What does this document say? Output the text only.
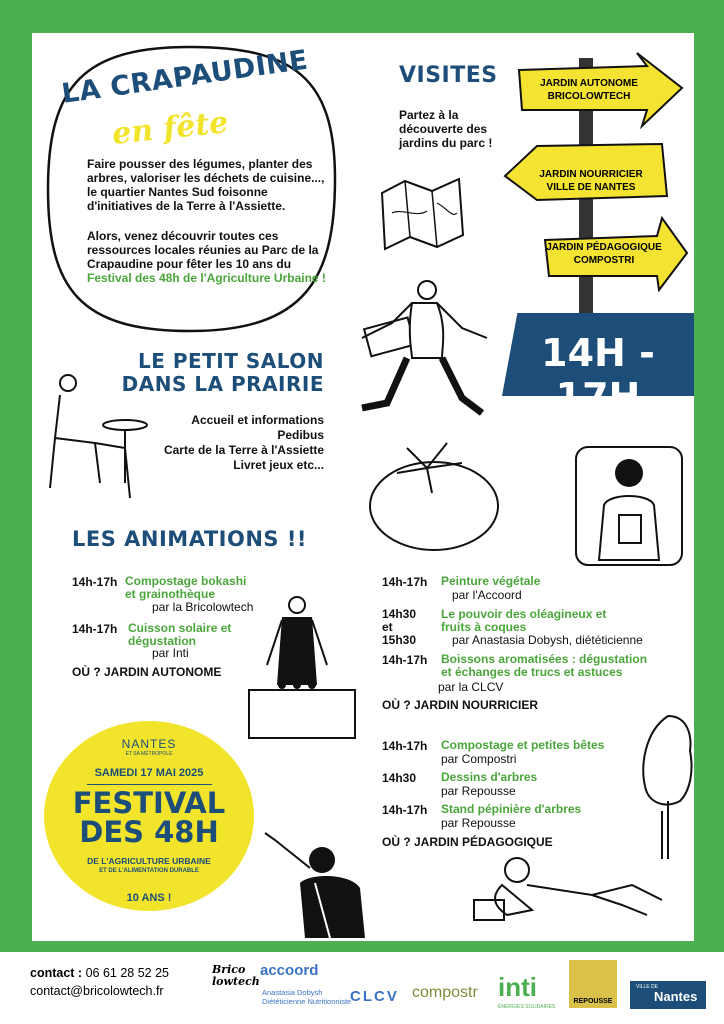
LA CRAPAUDINE
en fête
Faire pousser des légumes, planter des arbres, valoriser les déchets de cuisine..., le quartier Nantes Sud foisonne d'initiatives de la Terre à l'Assiette.
Alors, venez découvrir toutes ces ressources locales réunies au Parc de la Crapaudine pour fêter les 10 ans du Festival des 48h de l'Agriculture Urbaine !
VISITES
Partez à la découverte des jardins du parc !
JARDIN AUTONOME
BRICOLOWTECH
JARDIN NOURRICIER
VILLE DE NANTES
JARDIN PÉDAGOGIQUE
COMPOSTRI
14H - 17H
LE PETIT SALON
DANS LA PRAIRIE
Accueil et informations
Pedibus
Carte de la Terre à l'Assiette
Livret jeux etc...
LES ANIMATIONS !!
14h-17h Compostage bokashi
et grainothèque
par la Bricolowtech
14h-17h Cuisson solaire et
dégustation
par Inti
OÙ ? JARDIN AUTONOME
14h-17h Peinture végétale
par l'Accoord
14h30
et
15h30
Le pouvoir des oléagineux et
fruits à coques
par Anastasia Dobysh, diététicienne
14h-17h Boissons aromatisées : dégustation
et échanges de trucs et astuces
par la CLCV
OÙ ? JARDIN NOURRICIER
14h-17h Compostage et petites bêtes
par Compostri
14h30 Dessins d'arbres
par Repousse
14h-17h Stand pépinière d'arbres
par Repousse
OÙ ? JARDIN PÉDAGOGIQUE
NANTES
ET SA MÉTROPOLE
SAMEDI 17 MAI 2025
FESTIVAL
DES 48H
DE L'AGRICULTURE URBAINE
ET DE L'ALIMENTATION DURABLE
10 ANS !
contact : 06 61 28 52 25
contact@bricolowtech.fr
Brico
lowtech
accoord
Anastasia Dobysh
Diététicienne Nutritionniste
CLCV compostr inti
ÉNERGIES SOLIDAIRES
REPOUSSE
VILLE DE
Nantes
